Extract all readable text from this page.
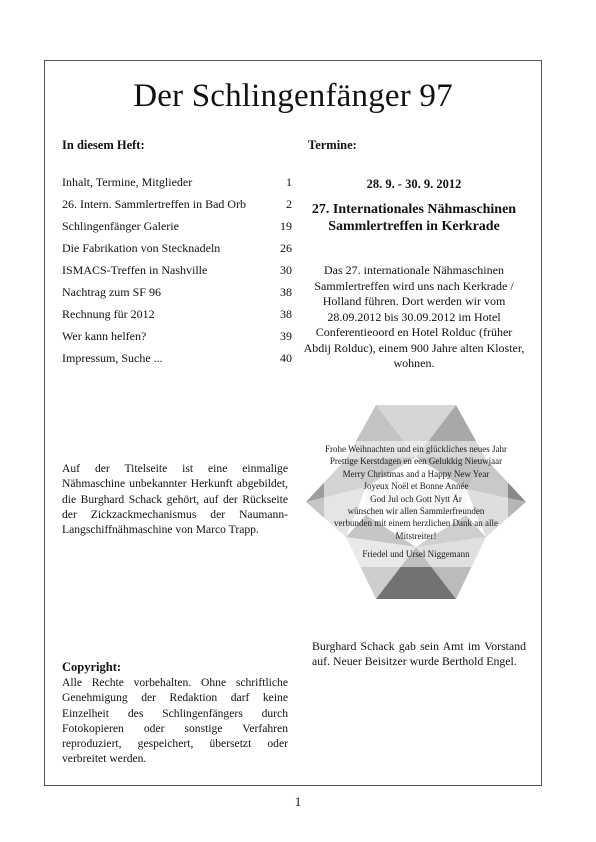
Der Schlingenfänger 97
In diesem Heft:
Inhalt, Termine, Mitglieder	1
26. Intern. Sammlertreffen in Bad Orb	2
Schlingenfänger Galerie	19
Die Fabrikation von Stecknadeln	26
ISMACS-Treffen in Nashville	30
Nachtrag zum SF 96	38
Rechnung für 2012	38
Wer kann helfen?	39
Impressum, Suche ...	40
Auf der Titelseite ist eine einmalige Nähmaschine unbekannter Herkunft abgebildet, die Burghard Schack gehört, auf der Rückseite der Zickzackmechanismus der Naumann-Langschiffnähmaschine von Marco Trapp.
Copyright:
Alle Rechte vorbehalten. Ohne schriftliche Genehmigung der Redaktion darf keine Einzelheit des Schlingenfängers durch Fotokopieren oder sonstige Verfahren reproduziert, gespeichert, übersetzt oder verbreitet werden.
Termine:
28. 9. - 30. 9. 2012
27. Internationales Nähmaschinen Sammlertreffen in Kerkrade
Das 27. internationale Nähmaschinen Sammlertreffen wird uns nach Kerkrade / Holland führen. Dort werden wir vom 28.09.2012 bis 30.09.2012 im Hotel Conferentieoord en Hotel Rolduc (früher Abdij Rolduc), einem 900 Jahre alten Kloster, wohnen.
Frohe Weihnachten und ein glückliches neues Jahr
Prettige Kerstdagen en een Gelukkig Nieuwjaar
Merry Christmas and a Happy New Year
Joyeux Noël et Bonne Année
God Jul och Gott Nytt År
wünschen wir allen Sammlerfreunden
verbunden mit einem herzlichen Dank an alle
Mitstreiter!
Friedel und Ursel Niggemann
Burghard Schack gab sein Amt im Vorstand auf. Neuer Beisitzer wurde Berthold Engel.
1
